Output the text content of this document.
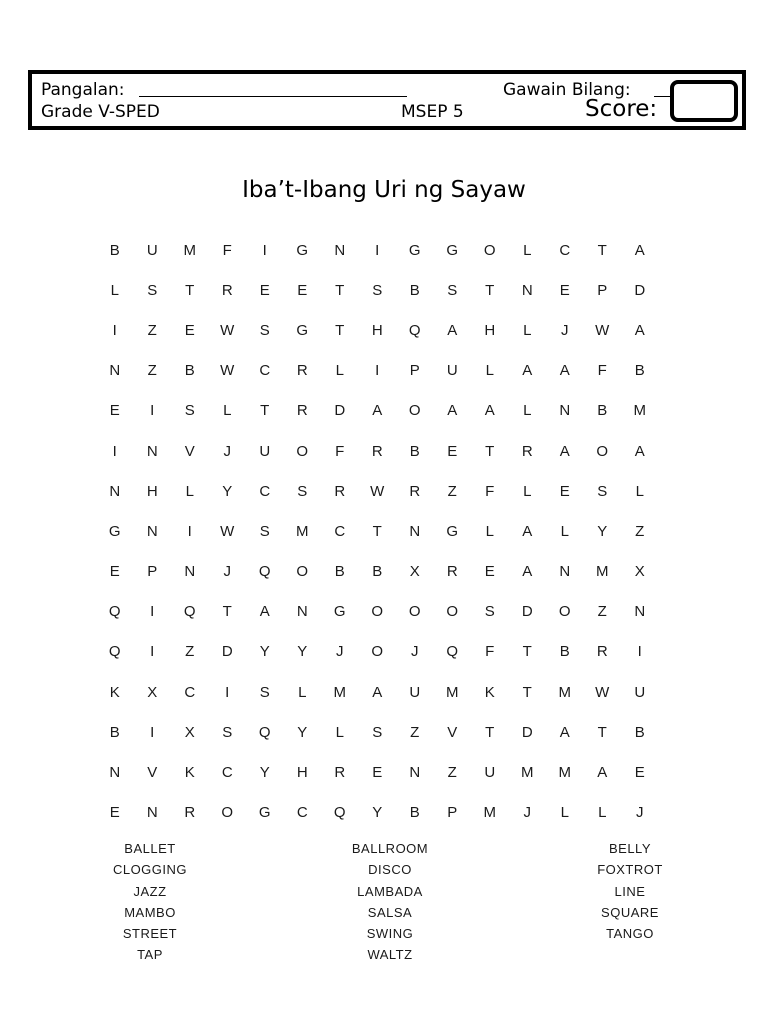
Pangalan:
Grade V-SPED	MSEP 5
Gawain Bilang:
Score:
Iba’t-Ibang Uri ng Sayaw
B	U	M	F	I	G	N	I	G	G	O	L	C	T	A
L	S	T	R	E	E	T	S	B	S	T	N	E	P	D
I	Z	E	W	S	G	T	H	Q	A	H	L	J	W	A
N	Z	B	W	C	R	L	I	P	U	L	A	A	F	B
E	I	S	L	T	R	D	A	O	A	A	L	N	B	M
I	N	V	J	U	O	F	R	B	E	T	R	A	O	A
N	H	L	Y	C	S	R	W	R	Z	F	L	E	S	L
G	N	I	W	S	M	C	T	N	G	L	A	L	Y	Z
E	P	N	J	Q	O	B	B	X	R	E	A	N	M	X
Q	I	Q	T	A	N	G	O	O	O	S	D	O	Z	N
Q	I	Z	D	Y	Y	J	O	J	Q	F	T	B	R	I
K	X	C	I	S	L	M	A	U	M	K	T	M	W	U
B	I	X	S	Q	Y	L	S	Z	V	T	D	A	T	B
N	V	K	C	Y	H	R	E	N	Z	U	M	M	A	E
E	N	R	O	G	C	Q	Y	B	P	M	J	L	L	J
BALLET	BALLROOM	BELLY
CLOGGING	DISCO	FOXTROT
JAZZ	LAMBADA	LINE
MAMBO	SALSA	SQUARE
STREET	SWING	TANGO
TAP	WALTZ
